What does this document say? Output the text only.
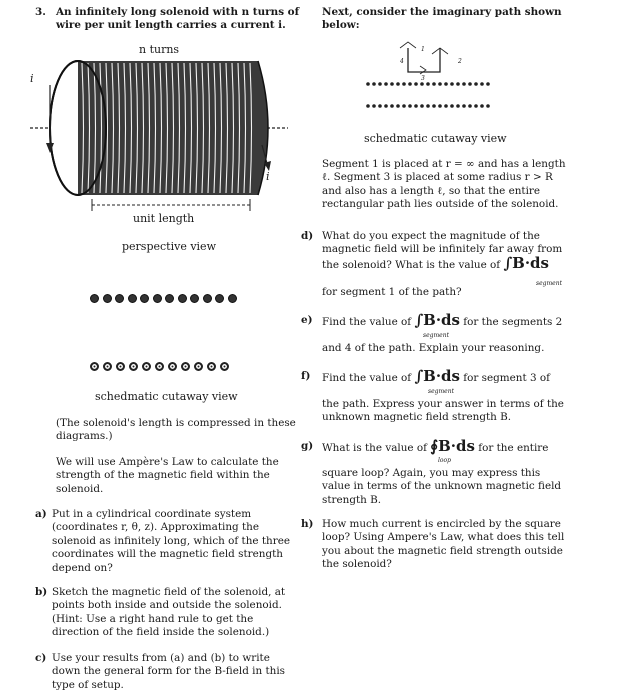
3. An infinitely long solenoid with n turns of
wire per unit length carries a current i.
n turns
i
i
unit length
perspective view
schedmatic cutaway view
(The solenoid's length is compressed in these
diagrams.)
We will use Ampère's Law to calculate the
strength of the magnetic field within the
solenoid.
a) Put in a cylindrical coordinate system
(coordinates r, θ, z). Approximating the
solenoid as infinitely long, which of the three
coordinates will the magnetic field strength
depend on?
b) Sketch the magnetic field of the solenoid, at
points both inside and outside the solenoid.
(Hint: Use a right hand rule to get the
direction of the field inside the solenoid.)
c) Use your results from (a) and (b) to write
down the general form for the B-field in this
type of setup.
Next, consider the imaginary path shown
below:
1
2
3
4
schedmatic cutaway view
Segment 1 is placed at r = ∞ and has a length
ℓ. Segment 3 is placed at some radius r > R
and also has a length ℓ, so that the entire
rectangular path lies outside of the solenoid.
d) What do you expect the magnitude of the
magnetic field will be infinitely far away from
the solenoid? What is the value of ∫B·ds
segment
for segment 1 of the path?
e) Find the value of ∫B·ds for the segments 2
segment
and 4 of the path. Explain your reasoning.
f) Find the value of ∫B·ds for segment 3 of
segment
the path. Express your answer in terms of the
unknown magnetic field strength B.
g) What is the value of ∮B·ds for the entire
loop
square loop? Again, you may express this
value in terms of the unknown magnetic field
strength B.
h) How much current is encircled by the square
loop? Using Ampere's Law, what does this tell
you about the magnetic field strength outside
the solenoid?
